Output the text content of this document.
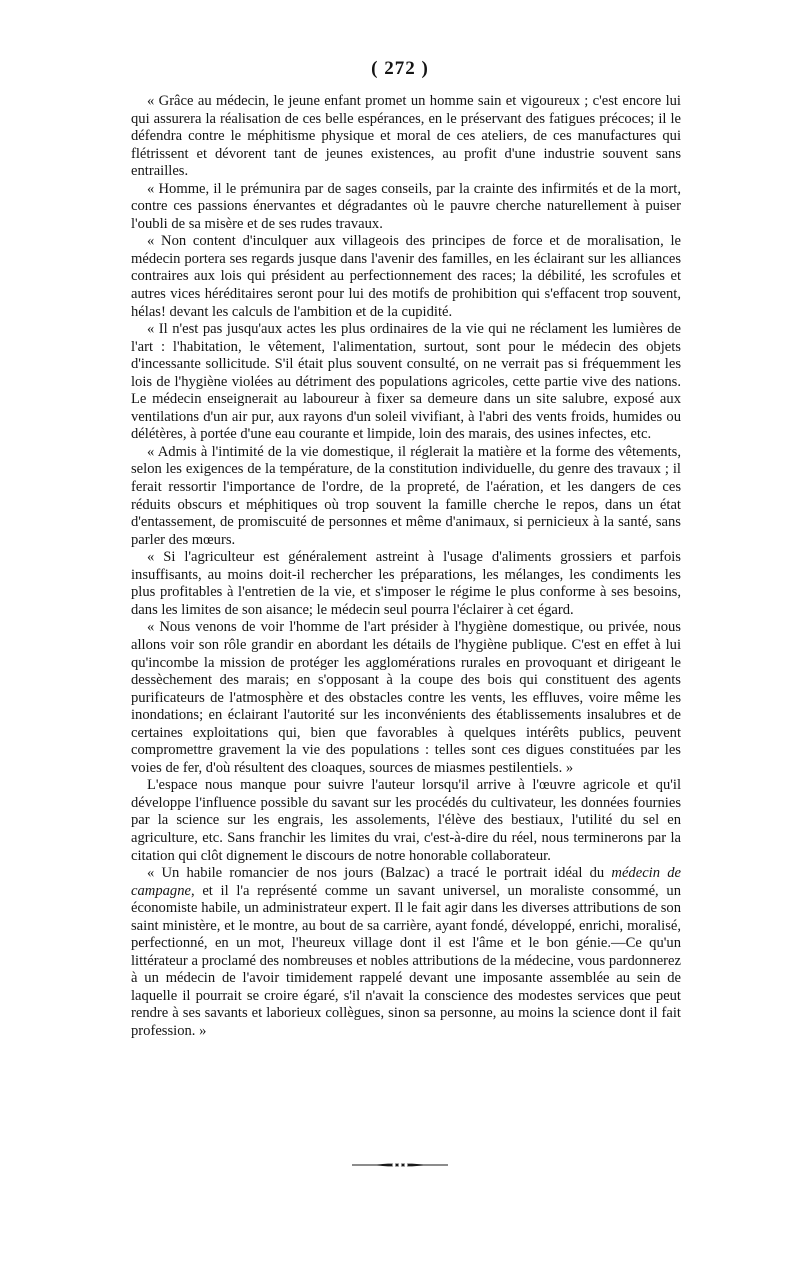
( 272 )

« Grâce au médecin, le jeune enfant promet un homme sain et vigoureux ; c'est encore lui qui assurera la réalisation de ces belle espérances, en le préservant des fatigues précoces; il le défendra contre le méphitisme physique et moral de ces ateliers, de ces manufactures qui flétrissent et dévorent tant de jeunes existences, au profit d'une industrie souvent sans entrailles.

« Homme, il le prémunira par de sages conseils, par la crainte des infirmités et de la mort, contre ces passions énervantes et dégradantes où le pauvre cherche naturellement à puiser l'oubli de sa misère et de ses rudes travaux.

« Non content d'inculquer aux villageois des principes de force et de moralisation, le médecin portera ses regards jusque dans l'avenir des familles, en les éclairant sur les alliances contraires aux lois qui président au perfectionnement des races; la débilité, les scrofules et autres vices héréditaires seront pour lui des motifs de prohibition qui s'effacent trop souvent, hélas! devant les calculs de l'ambition et de la cupidité.

« Il n'est pas jusqu'aux actes les plus ordinaires de la vie qui ne réclament les lumières de l'art : l'habitation, le vêtement, l'alimentation, surtout, sont pour le médecin des objets d'incessante sollicitude. S'il était plus souvent consulté, on ne verrait pas si fréquemment les lois de l'hygiène violées au détriment des populations agricoles, cette partie vive des nations. Le médecin enseignerait au laboureur à fixer sa demeure dans un site salubre, exposé aux ventilations d'un air pur, aux rayons d'un soleil vivifiant, à l'abri des vents froids, humides ou délétères, à portée d'une eau courante et limpide, loin des marais, des usines infectes, etc.

« Admis à l'intimité de la vie domestique, il réglerait la matière et la forme des vêtements, selon les exigences de la température, de la constitution individuelle, du genre des travaux ; il ferait ressortir l'importance de l'ordre, de la propreté, de l'aération, et les dangers de ces réduits obscurs et méphitiques où trop souvent la famille cherche le repos, dans un état d'entassement, de promiscuité de personnes et même d'animaux, si pernicieux à la santé, sans parler des mœurs.

« Si l'agriculteur est généralement astreint à l'usage d'aliments grossiers et parfois insuffisants, au moins doit-il rechercher les préparations, les mélanges, les condiments les plus profitables à l'entretien de la vie, et s'imposer le régime le plus conforme à ses besoins, dans les limites de son aisance; le médecin seul pourra l'éclairer à cet égard.

« Nous venons de voir l'homme de l'art présider à l'hygiène domestique, ou privée, nous allons voir son rôle grandir en abordant les détails de l'hygiène publique. C'est en effet à lui qu'incombe la mission de protéger les agglomérations rurales en provoquant et dirigeant le dessèchement des marais; en s'opposant à la coupe des bois qui constituent des agents purificateurs de l'atmosphère et des obstacles contre les vents, les effluves, voire même les inondations; en éclairant l'autorité sur les inconvénients des établissements insalubres et de certaines exploitations qui, bien que favorables à quelques intérêts publics, peuvent compromettre gravement la vie des populations : telles sont ces digues constituées par les voies de fer, d'où résultent des cloaques, sources de miasmes pestilentiels. »

L'espace nous manque pour suivre l'auteur lorsqu'il arrive à l'œuvre agricole et qu'il développe l'influence possible du savant sur les procédés du cultivateur, les données fournies par la science sur les engrais, les assolements, l'élève des bestiaux, l'utilité du sel en agriculture, etc. Sans franchir les limites du vrai, c'est-à-dire du réel, nous terminerons par la citation qui clôt dignement le discours de notre honorable collaborateur.

« Un habile romancier de nos jours (Balzac) a tracé le portrait idéal du médecin de campagne, et il l'a représenté comme un savant universel, un moraliste consommé, un économiste habile, un administrateur expert. Il le fait agir dans les diverses attributions de son saint ministère, et le montre, au bout de sa carrière, ayant fondé, développé, enrichi, moralisé, perfectionné, en un mot, l'heureux village dont il est l'âme et le bon génie.—Ce qu'un littérateur a proclamé des nombreuses et nobles attributions de la médecine, vous pardonnerez à un médecin de l'avoir timidement rappelé devant une imposante assemblée au sein de laquelle il pourrait se croire égaré, s'il n'avait la conscience des modestes services que peut rendre à ses savants et laborieux collègues, sinon sa personne, au moins la science dont il fait profession. »
